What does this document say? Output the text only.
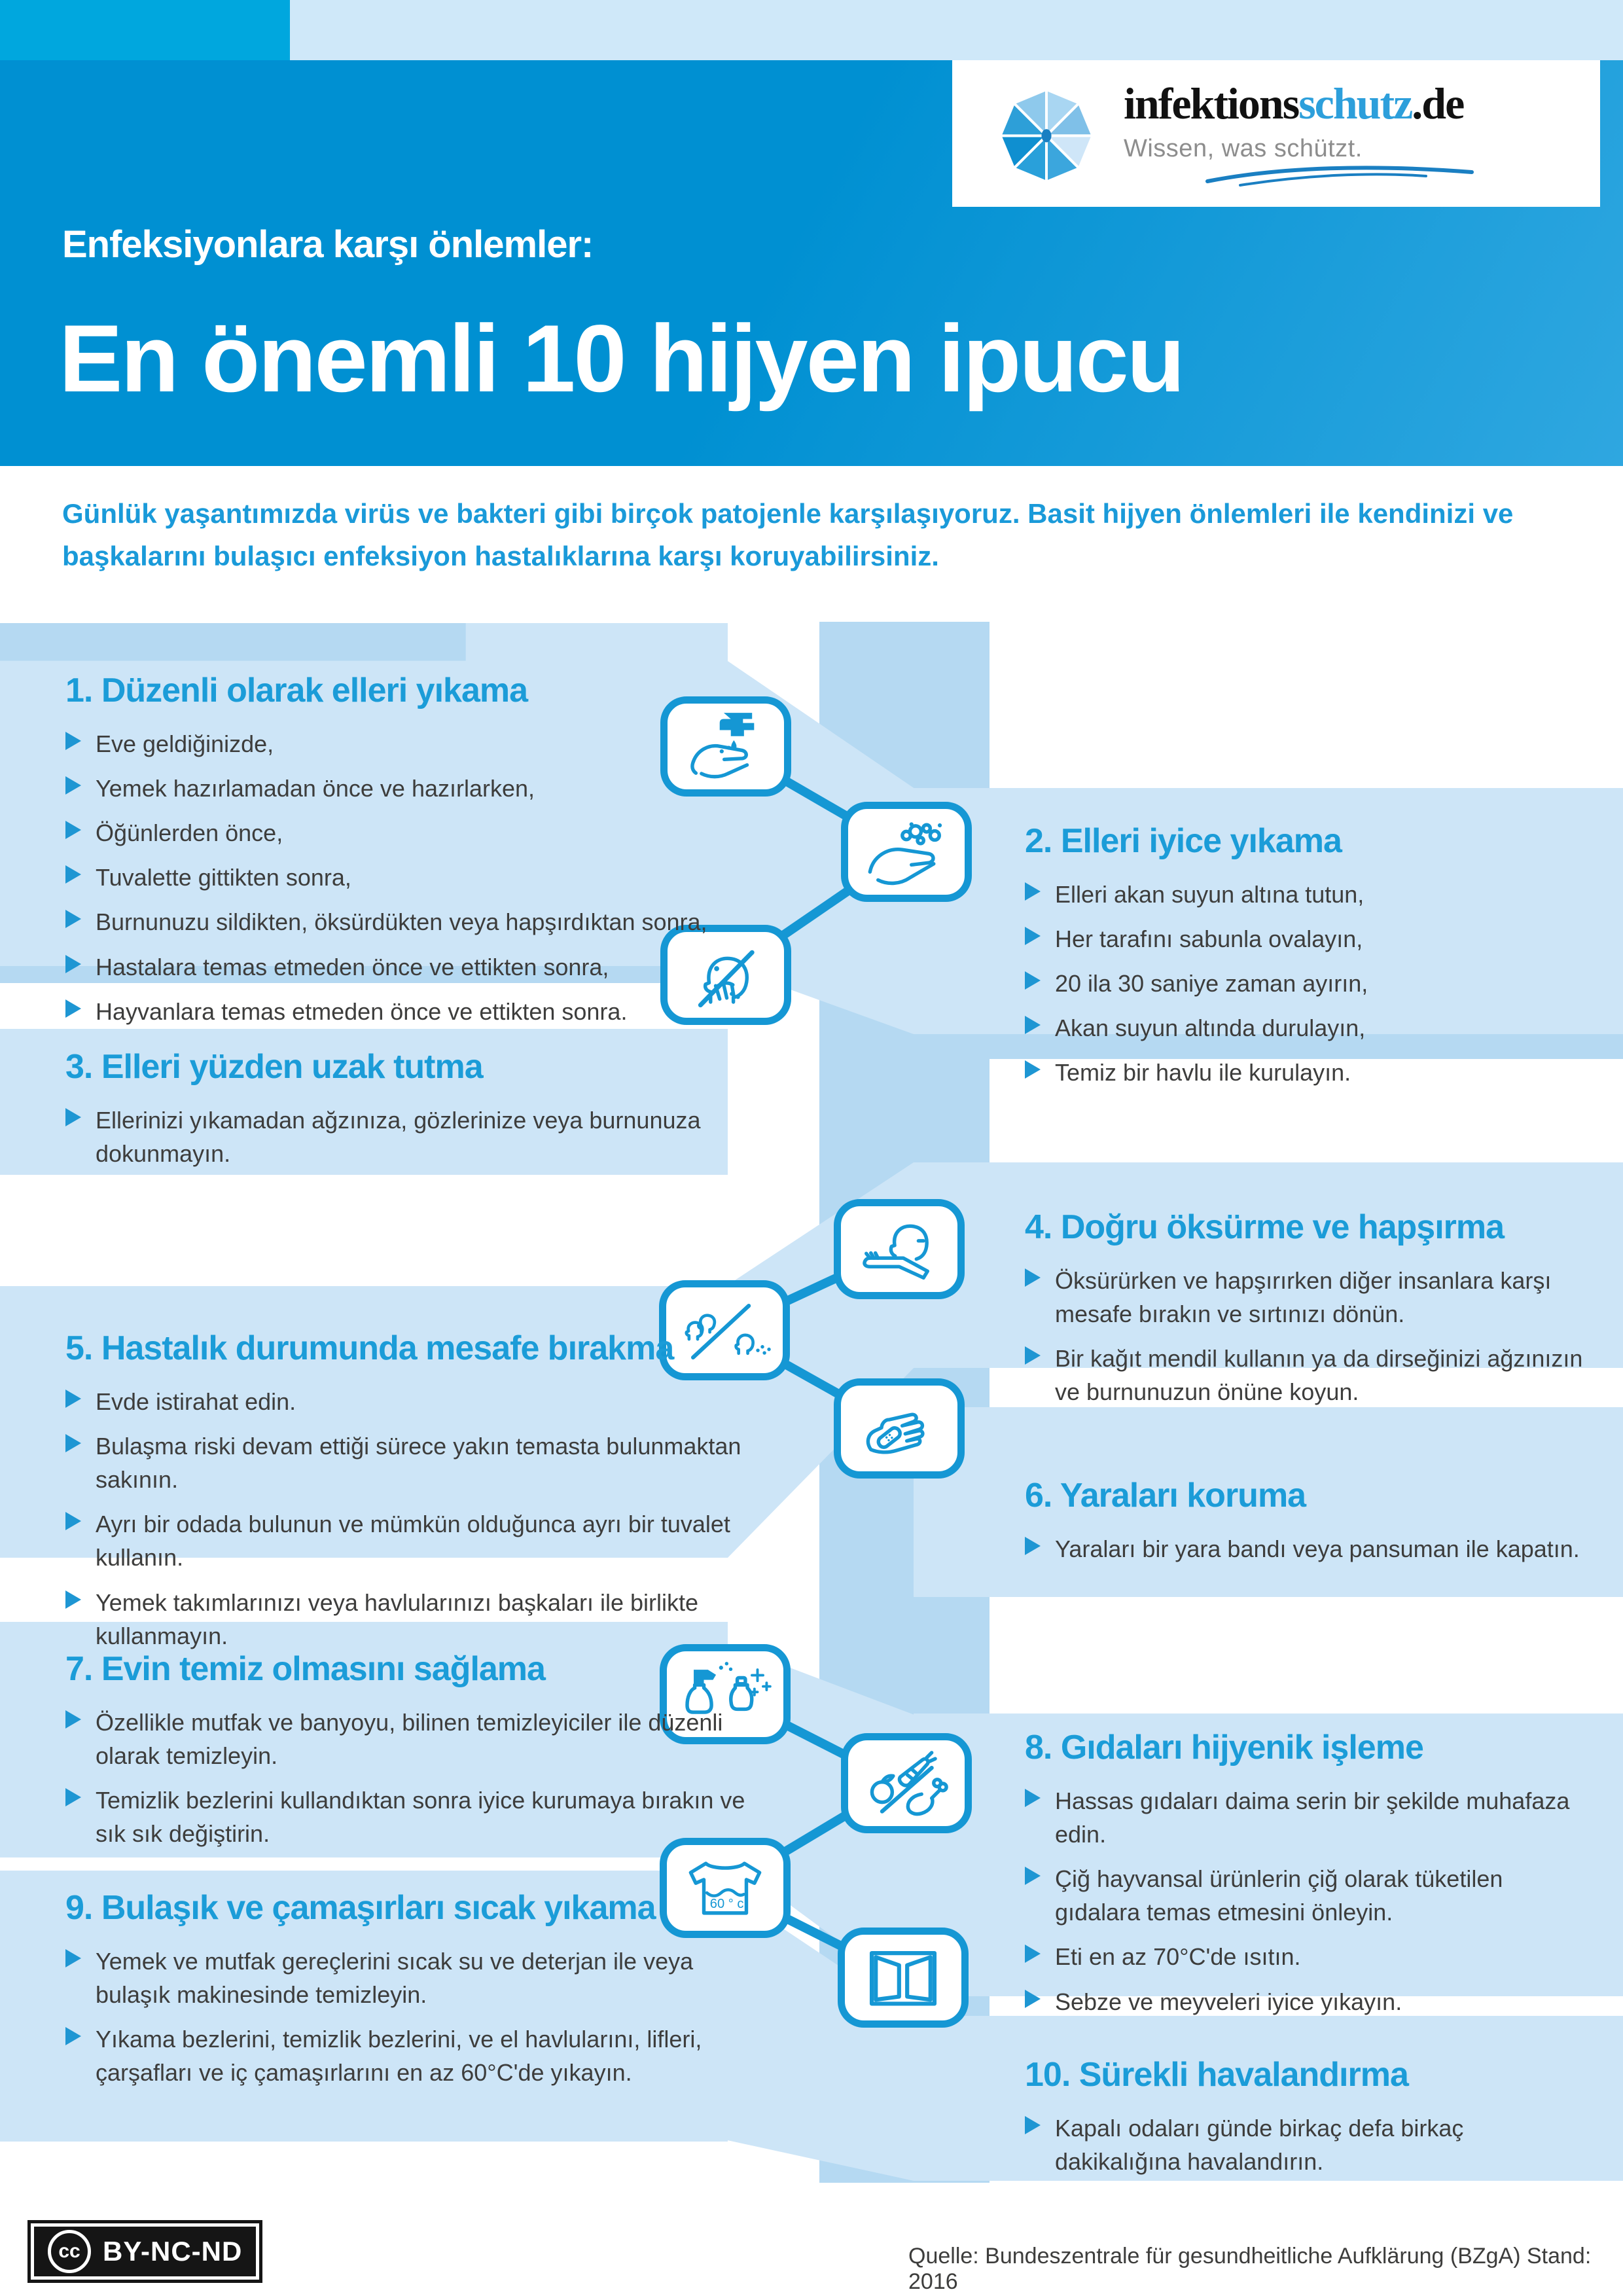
Enfeksiyonlara karşı önlemler:
En önemli 10 hijyen ipucu
infektionsschutz.de
Wissen, was schützt.

Günlük yaşantımızda virüs ve bakteri gibi birçok patojenle karşılaşıyoruz. Basit hijyen önlemleri ile kendinizi ve başkalarını bulaşıcı enfeksiyon hastalıklarına karşı koruyabilirsiniz.

60 ° c
1. Düzenli olarak elleri yıkama
Eve geldiğinizde,
Yemek hazırlamadan önce ve hazırlarken,
Öğünlerden önce,
Tuvalette gittikten sonra,
Burnunuzu sildikten, öksürdükten veya hapşırdıktan sonra,
Hastalara temas etmeden önce ve ettikten sonra,
Hayvanlara temas etmeden önce ve ettikten sonra.
2. Elleri iyice yıkama
Elleri akan suyun altına tutun,
Her tarafını sabunla ovalayın,
20 ila 30 saniye zaman ayırın,
Akan suyun altında durulayın,
Temiz bir havlu ile kurulayın.
3. Elleri yüzden uzak tutma
Ellerinizi yıkamadan ağzınıza, gözlerinize veya burnunuza dokunmayın.
4. Doğru öksürme ve hapşırma
Öksürürken ve hapşırırken diğer insanlara karşı mesafe bırakın ve sırtınızı dönün.
Bir kağıt mendil kullanın ya da dirseğinizi ağzınızın ve burnunuzun önüne koyun.
5. Hastalık durumunda mesafe bırakma
Evde istirahat edin.
Bulaşma riski devam ettiği sürece yakın temasta bulunmaktan sakının.
Ayrı bir odada bulunun ve mümkün olduğunca ayrı bir tuvalet kullanın.
Yemek takımlarınızı veya havlularınızı başkaları ile birlikte kullanmayın.
6. Yaraları koruma
Yaraları bir yara bandı veya pansuman ile kapatın.
7. Evin temiz olmasını sağlama
Özellikle mutfak ve banyoyu, bilinen temizleyiciler ile düzenli olarak temizleyin.
Temizlik bezlerini kullandıktan sonra iyice kurumaya bırakın ve sık sık değiştirin.
8. Gıdaları hijyenik işleme
Hassas gıdaları daima serin bir şekilde muhafaza edin.
Çiğ hayvansal ürünlerin çiğ olarak tüketilen gıdalara temas etmesini önleyin.
Eti en az 70°C'de ısıtın.
Sebze ve meyveleri iyice yıkayın.
9. Bulaşık ve çamaşırları sıcak yıkama
Yemek ve mutfak gereçlerini sıcak su ve deterjan ile veya bulaşık makinesinde temizleyin.
Yıkama bezlerini, temizlik bezlerini, ve el havlularını, lifleri, çarşafları ve iç çamaşırlarını en az 60°C'de yıkayın.	10. Sürekli havalandırma
Kapalı odaları günde birkaç defa birkaç dakikalığına havalandırın.
cc BY-NC-ND	Quelle: Bundeszentrale für gesundheitliche Aufklärung (BZgA) Stand: 2016
